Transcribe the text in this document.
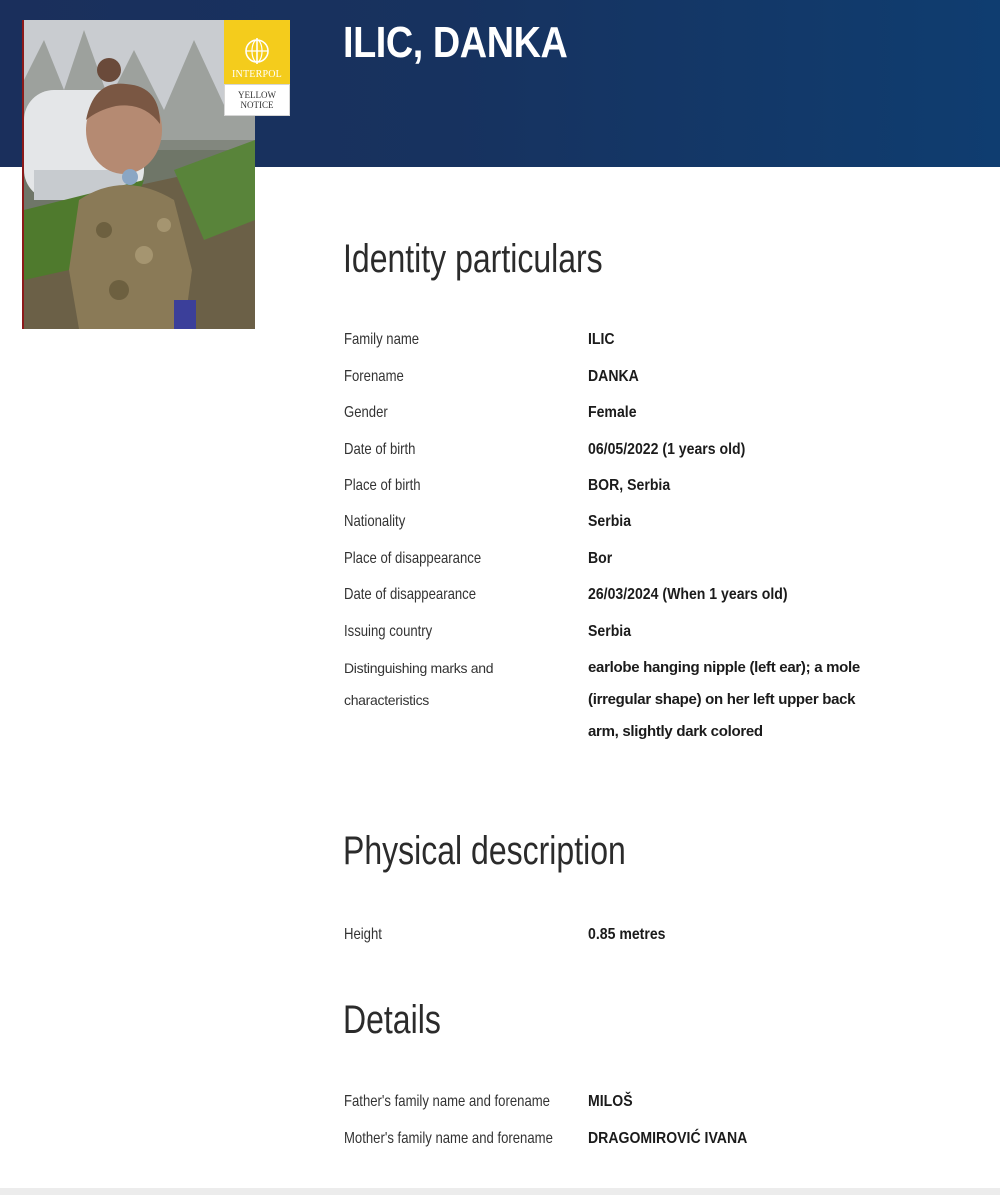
ILIC, DANKA
INTERPOL
YELLOW
NOTICE
Identity particulars
Family name	ILIC
Forename	DANKA
Gender	Female
Date of birth	06/05/2022 (1 years old)
Place of birth	BOR, Serbia
Nationality	Serbia
Place of disappearance	Bor
Date of disappearance	26/03/2024 (When 1 years old)
Issuing country	Serbia
Distinguishing marks and characteristics
earlobe hanging nipple (left ear); a mole (irregular shape) on her left upper back arm, slightly dark colored
Physical description
Height	0.85 metres
Details
Father's family name and forename MILOŠ
Mother's family name and forename DRAGOMIROVIĆ IVANA
